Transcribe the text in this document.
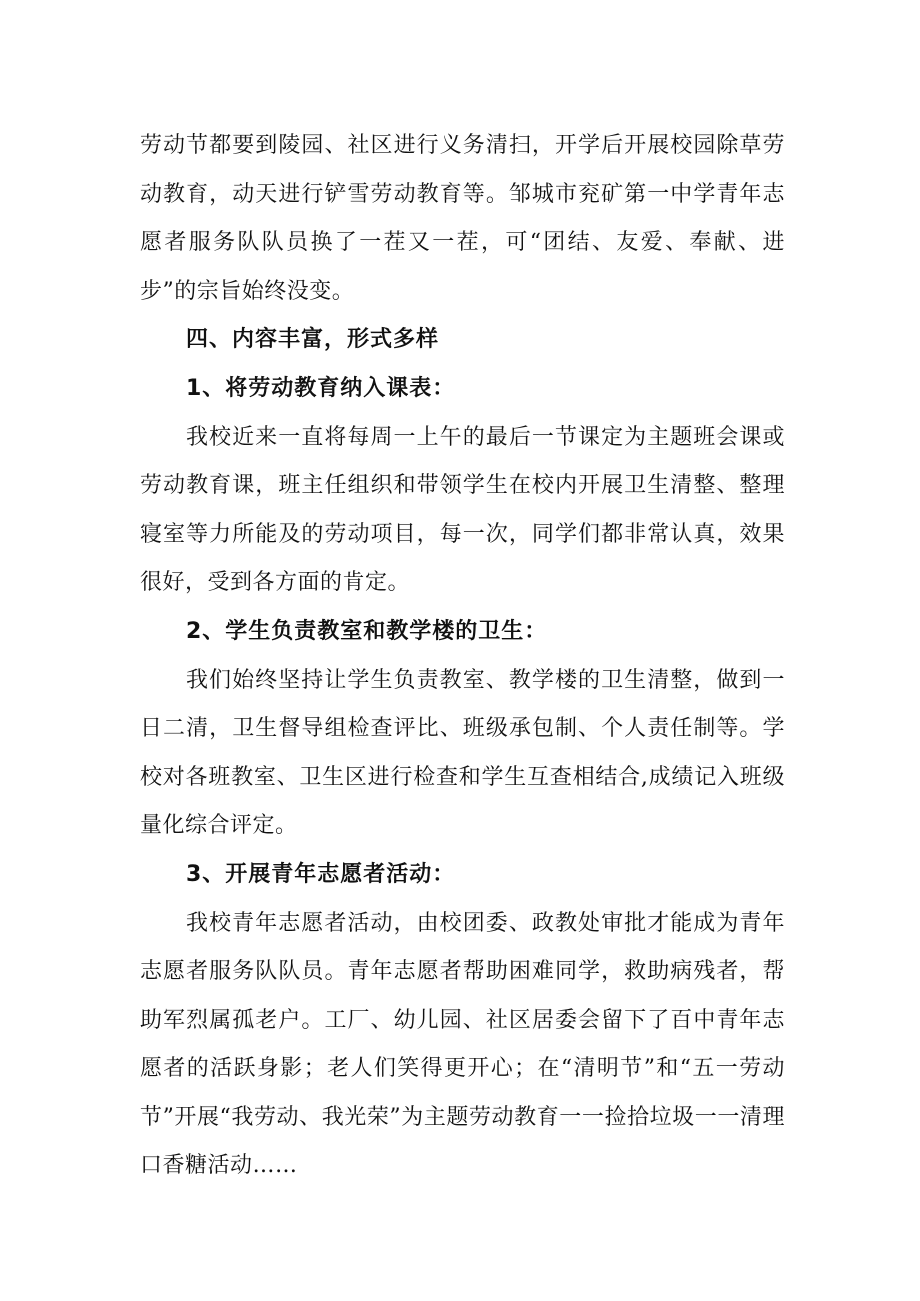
劳动节都要到陵园、社区进行义务清扫，开学后开展校园除草劳动教育，动天进行铲雪劳动教育等。邹城市兖矿第一中学青年志愿者服务队队员换了一茬又一茬，可“团结、友爱、奉献、进步”的宗旨始终没变。

四、内容丰富，形式多样

1、将劳动教育纳入课表：

我校近来一直将每周一上午的最后一节课定为主题班会课或劳动教育课，班主任组织和带领学生在校内开展卫生清整、整理寝室等力所能及的劳动项目，每一次，同学们都非常认真，效果很好，受到各方面的肯定。

2、学生负责教室和教学楼的卫生：

我们始终坚持让学生负责教室、教学楼的卫生清整，做到一日二清，卫生督导组检查评比、班级承包制、个人责任制等。学校对各班教室、卫生区进行检查和学生互查相结合,成绩记入班级量化综合评定。

3、开展青年志愿者活动：

我校青年志愿者活动，由校团委、政教处审批才能成为青年志愿者服务队队员。青年志愿者帮助困难同学，救助病残者，帮助军烈属孤老户。工厂、幼儿园、社区居委会留下了百中青年志愿者的活跃身影；老人们笑得更开心；在“清明节”和“五一劳动节”开展“我劳动、我光荣”为主题劳动教育一一捡拾垃圾一一清理口香糖活动……
